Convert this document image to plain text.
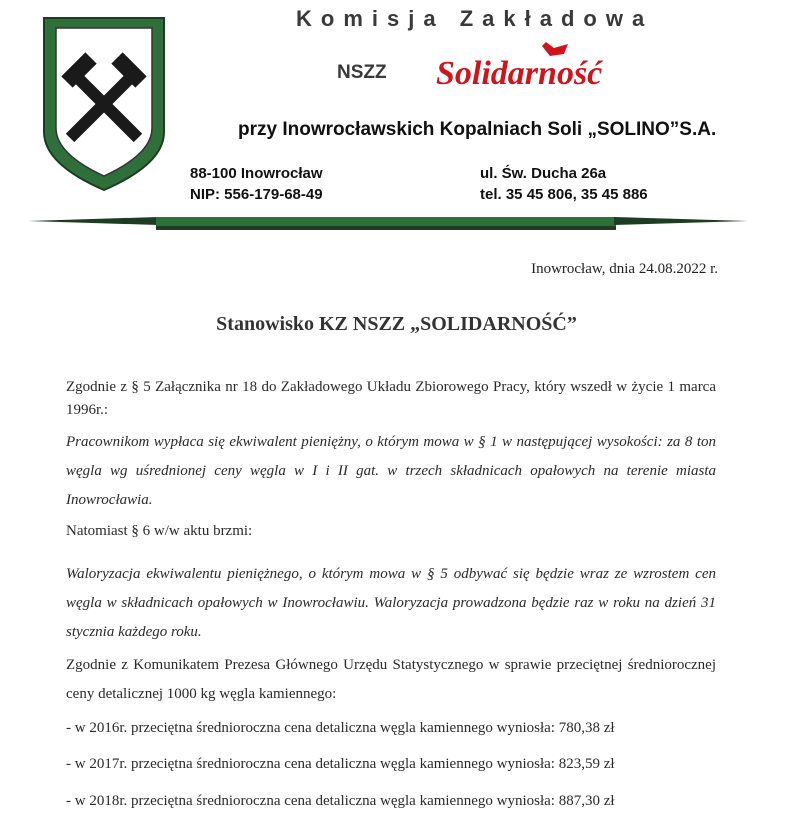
Komisja Zakładowa
NSZZ Solidarność
przy Inowrocławskich Kopalniach Soli „SOLINO”S.A.
88-100 Inowrocław
NIP: 556-179-68-49
ul. Św. Ducha 26a
tel. 35 45 806, 35 45 886
Inowrocław, dnia 24.08.2022 r.
Stanowisko KZ NSZZ „SOLIDARNOŚĆ”
Zgodnie z § 5 Załącznika nr 18 do Zakładowego Układu Zbiorowego Pracy, który wszedł w życie 1 marca 1996r.:
Pracownikom wypłaca się ekwiwalent pieniężny, o którym mowa w § 1 w następującej wysokości: za 8 ton węgla wg uśrednionej ceny węgla w I i II gat. w trzech składnicach opałowych na terenie miasta Inowrocławia.
Natomiast § 6 w/w aktu brzmi:
Waloryzacja ekwiwalentu pieniężnego, o którym mowa w § 5 odbywać się będzie wraz ze wzrostem cen węgla w składnicach opałowych w Inowrocławiu. Waloryzacja prowadzona będzie raz w roku na dzień 31 stycznia każdego roku.
Zgodnie z Komunikatem Prezesa Głównego Urzędu Statystycznego w sprawie przeciętnej średniorocznej ceny detalicznej 1000 kg węgla kamiennego:
- w 2016r. przeciętna średnioroczna cena detaliczna węgla kamiennego wyniosła: 780,38 zł
- w 2017r. przeciętna średnioroczna cena detaliczna węgla kamiennego wyniosła: 823,59 zł
- w 2018r. przeciętna średnioroczna cena detaliczna węgla kamiennego wyniosła: 887,30 zł
